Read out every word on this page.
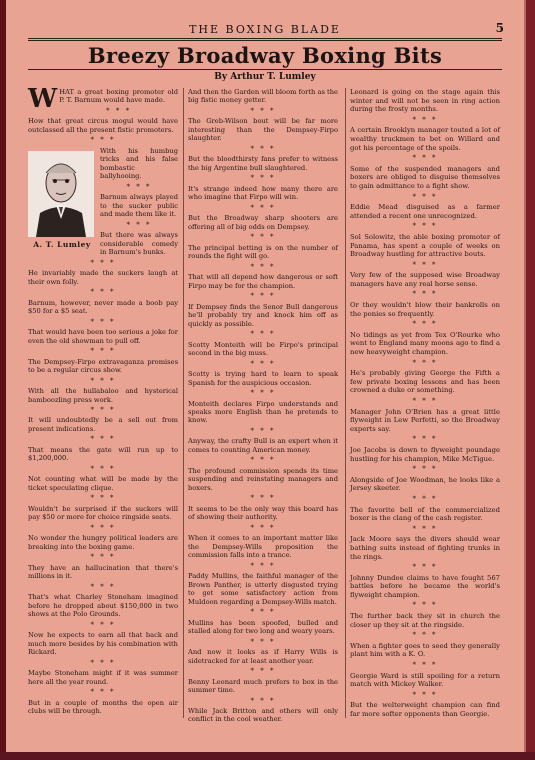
THE BOXING BLADE	5
Breezy Broadway Boxing Bits
By Arthur T. Lumley

WHAT a great boxing promoter old P. T. Barnum would have made.

* * *

How that great circus mogul would have outclassed all the present fistic promoters.

* * *
A. T. Lumley

With his humbug tricks and his false bombastic ballyhooing.

* * *

Barnum always played to the sucker public and made them like it.

* * *

But there was always considerable comedy in Barnum's bunks.

* * *

He invariably made the suckers laugh at their own folly.

* * *

Barnum, however, never made a boob pay $50 for a $5 seat.

* * *

That would have been too serious a joke for even the old showman to pull off.

* * *

The Dempsey-Firpo extravaganza promises to be a regular circus show.

* * *

With all the hullabaloo and hysterical bamboozling press work.

* * *

It will undoubtedly be a sell out from present indications.

* * *

That means the gate will run up to $1,200,000.

* * *

Not counting what will be made by the ticket speculating clique.

* * *

Wouldn't be surprised if the suckers will pay $50 or more for choice ringside seats.

* * *

No wonder the hungry political leaders are breaking into the boxing game.

* * *

They have an hallucination that there's millions in it.

* * *

That's what Charley Stoneham imagined before he dropped about $150,000 in two shows at the Polo Grounds.

* * *

Now he expects to earn all that back and much more besides by his combination with Rickard.

* * *

Maybe Stoneham might if it was summer here all the year round.

* * *

But in a couple of months the open air clubs will be through.

And then the Garden will bloom forth as the big fistic money getter.

* * *

The Greb-Wilson bout will be far more interesting than the Dempsey-Firpo slaughter.

* * *

But the bloodthirsty fans prefer to witness the big Argentine bull slaughtered.

* * *

It's strange indeed how many there are who imagine that Firpo will win.

* * *

But the Broadway sharp shooters are offering all of big odds on Dempsey.

* * *

The principal betting is on the number of rounds the fight will go.

* * *

That will all depend how dangerous or soft Firpo may be for the champion.

* * *

If Dempsey finds the Senor Bull dangerous he'll probably try and knock him off as quickly as possible.

* * *

Scotty Monteith will be Firpo's principal second in the big muss.

* * *

Scotty is trying hard to learn to speak Spanish for the auspicious occasion.

* * *

Monteith declares Firpo understands and speaks more English than he pretends to know.

* * *

Anyway, the crafty Bull is an expert when it comes to counting American money.

* * *

The profound commission spends its time suspending and reinstating managers and boxers.

* * *

It seems to be the only way this board has of showing their authority.

* * *

When it comes to an important matter like the Dempsey-Wills proposition the commission falls into a trance.

* * *

Paddy Mullins, the faithful manager of the Brown Panther, is utterly disgusted trying to get some satisfactory action from Muldoon regarding a Dempsey-Wills match.

* * *

Mullins has been spoofed, bulled and stalled along for two long and weary years.

* * *

And now it looks as if Harry Wills is sidetracked for at least another year.

* * *

Benny Leonard much prefers to box in the summer time.

* * *

While Jack Britton and others will only conflict in the cool weather.

Leonard is going on the stage again this winter and will not be seen in ring action during the frosty months.

* * *

A certain Brooklyn manager touted a lot of wealthy truckmen to bet on Willard and got his percentage of the spoils.

* * *

Some of the suspended managers and boxers are obliged to disguise themselves to gain admittance to a fight show.

* * *

Eddie Mead disguised as a farmer attended a recent one unrecognized.

* * *

Sol Solowitz, the able boxing promoter of Panama, has spent a couple of weeks on Broadway hustling for attractive bouts.

* * *

Very few of the supposed wise Broadway managers have any real horse sense.

* * *

Or they wouldn't blow their bankrolls on the ponies so frequently.

* * *

No tidings as yet from Tex O'Rourke who went to England many moons ago to find a new heavyweight champion.

* * *

He's probably giving George the Fifth a few private boxing lessons and has been crowned a duke or something.

* * *

Manager John O'Brien has a great little flyweight in Lew Perfetti, so the Broadway experts say.

* * *

Joe Jacobs is down to flyweight poundage hustling for his champion, Mike McTigue.

* * *

Alongside of Joe Woodman, he looks like a Jersey skeeter.

* * *

The favorite bell of the commercialized boxer is the clang of the cash register.

* * *

Jack Moore says the divers should wear bathing suits instead of fighting trunks in the rings.

* * *

Johnny Dundee claims to have fought 567 battles before he became the world's flyweight champion.

* * *

The further back they sit in church the closer up they sit at the ringside.

* * *

When a fighter goes to seed they generally plant him with a K. O.

* * *

Georgie Ward is still spoiling for a return match with Mickey Walker.

* * *

But the welterweight champion can find far more softer opponents than Georgie.
